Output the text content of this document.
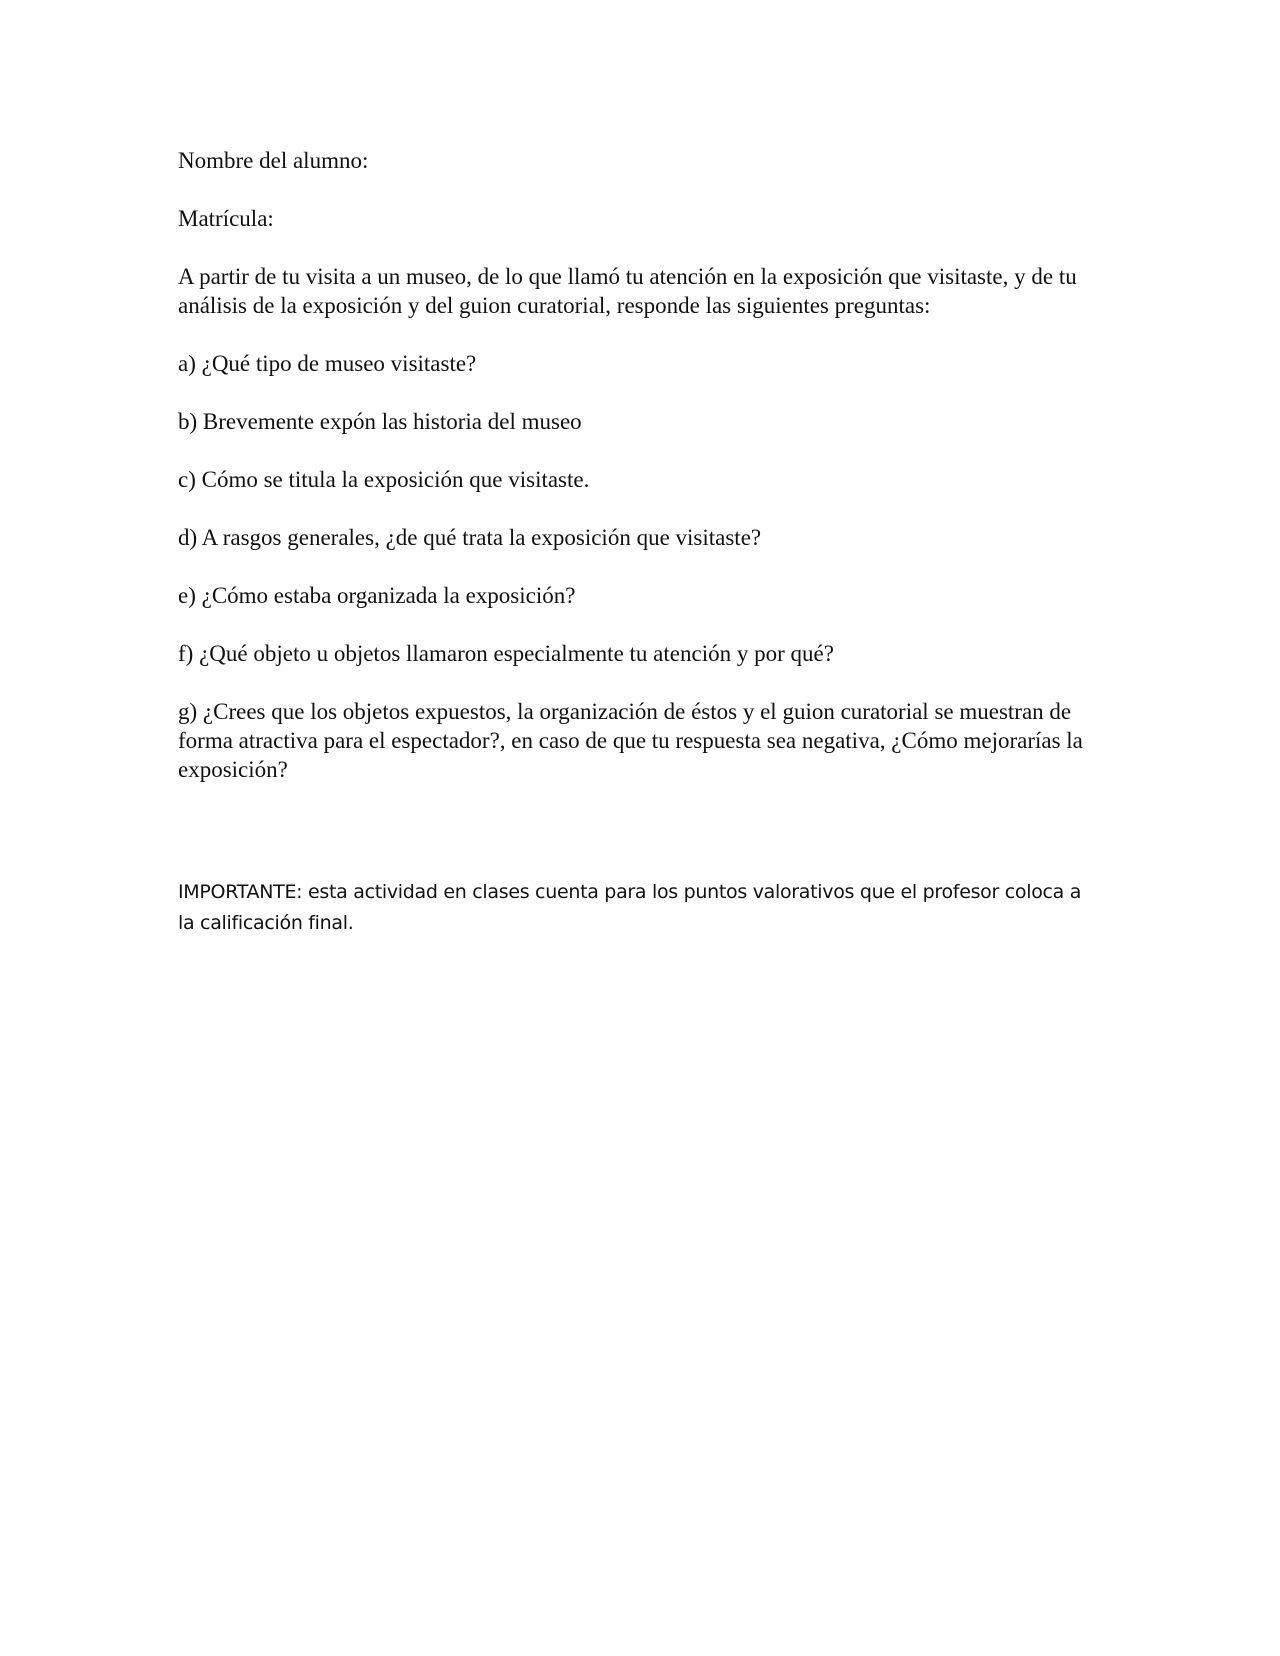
Nombre del alumno:

Matrícula:

A partir de tu visita a un museo, de lo que llamó tu atención en la exposición que visitaste, y de tu análisis de la exposición y del guion curatorial, responde las siguientes preguntas:

a) ¿Qué tipo de museo visitaste?

b) Brevemente expón las historia del museo

c) Cómo se titula la exposición que visitaste.

d) A rasgos generales, ¿de qué trata la exposición que visitaste?

e) ¿Cómo estaba organizada la exposición?

f) ¿Qué objeto u objetos llamaron especialmente tu atención y por qué?

g) ¿Crees que los objetos expuestos, la organización de éstos y el guion curatorial se muestran de forma atractiva para el espectador?, en caso de que tu respuesta sea negativa, ¿Cómo mejorarías la exposición?

IMPORTANTE: esta actividad en clases cuenta para los puntos valorativos que el profesor coloca a la calificación final.
